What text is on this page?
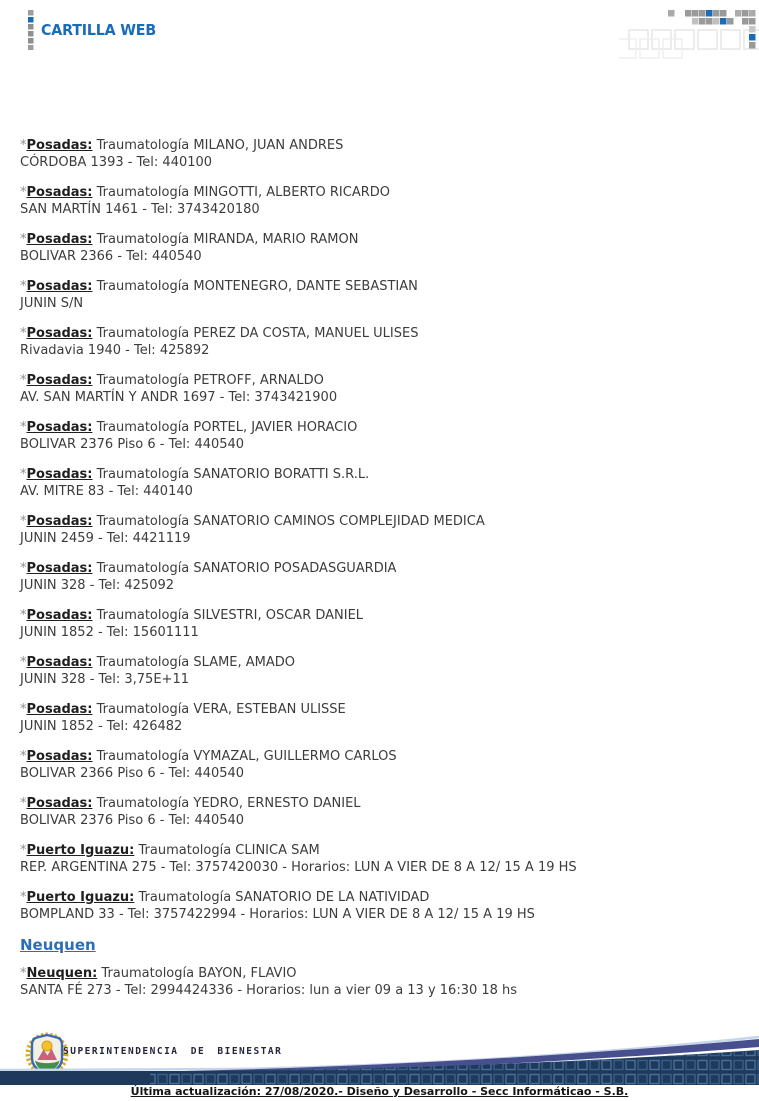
CARTILLA WEB
*Posadas: Traumatología MILANO, JUAN ANDRES
CÓRDOBA 1393 - Tel: 440100
*Posadas: Traumatología MINGOTTI, ALBERTO RICARDO
SAN MARTÍN 1461 - Tel: 3743420180
*Posadas: Traumatología MIRANDA, MARIO RAMON
BOLIVAR 2366 - Tel: 440540
*Posadas: Traumatología MONTENEGRO, DANTE SEBASTIAN
JUNIN S/N
*Posadas: Traumatología PEREZ DA COSTA, MANUEL ULISES
Rivadavia 1940 - Tel: 425892
*Posadas: Traumatología PETROFF, ARNALDO
AV. SAN MARTÍN Y ANDR 1697 - Tel: 3743421900
*Posadas: Traumatología PORTEL, JAVIER HORACIO
BOLIVAR 2376 Piso 6 - Tel: 440540
*Posadas: Traumatología SANATORIO BORATTI S.R.L.
AV. MITRE 83 - Tel: 440140
*Posadas: Traumatología SANATORIO CAMINOS COMPLEJIDAD MEDICA
JUNIN 2459 - Tel: 4421119
*Posadas: Traumatología SANATORIO POSADASGUARDIA
JUNIN 328 - Tel: 425092
*Posadas: Traumatología SILVESTRI, OSCAR DANIEL
JUNIN 1852 - Tel: 15601111
*Posadas: Traumatología SLAME, AMADO
JUNIN 328 - Tel: 3,75E+11
*Posadas: Traumatología VERA, ESTEBAN ULISSE
JUNIN 1852 - Tel: 426482
*Posadas: Traumatología VYMAZAL, GUILLERMO CARLOS
BOLIVAR 2366 Piso 6 - Tel: 440540
*Posadas: Traumatología YEDRO, ERNESTO DANIEL
BOLIVAR 2376 Piso 6 - Tel: 440540
*Puerto Iguazu: Traumatología CLINICA SAM
REP. ARGENTINA 275 - Tel: 3757420030 - Horarios: LUN A VIER DE 8 A 12/ 15 A 19 HS
*Puerto Iguazu: Traumatología SANATORIO DE LA NATIVIDAD
BOMPLAND 33 - Tel: 3757422994 - Horarios: LUN A VIER DE 8 A 12/ 15 A 19 HS
Neuquen
*Neuquen: Traumatología BAYON, FLAVIO
SANTA FÉ 273 - Tel: 2994424336 - Horarios: lun a vier 09 a 13 y 16:30 18 hs
SUPERINTENDENCIA DE BIENESTAR
Última actualización: 27/08/2020.- Diseño y Desarrollo - Secc Informáticao - S.B.
